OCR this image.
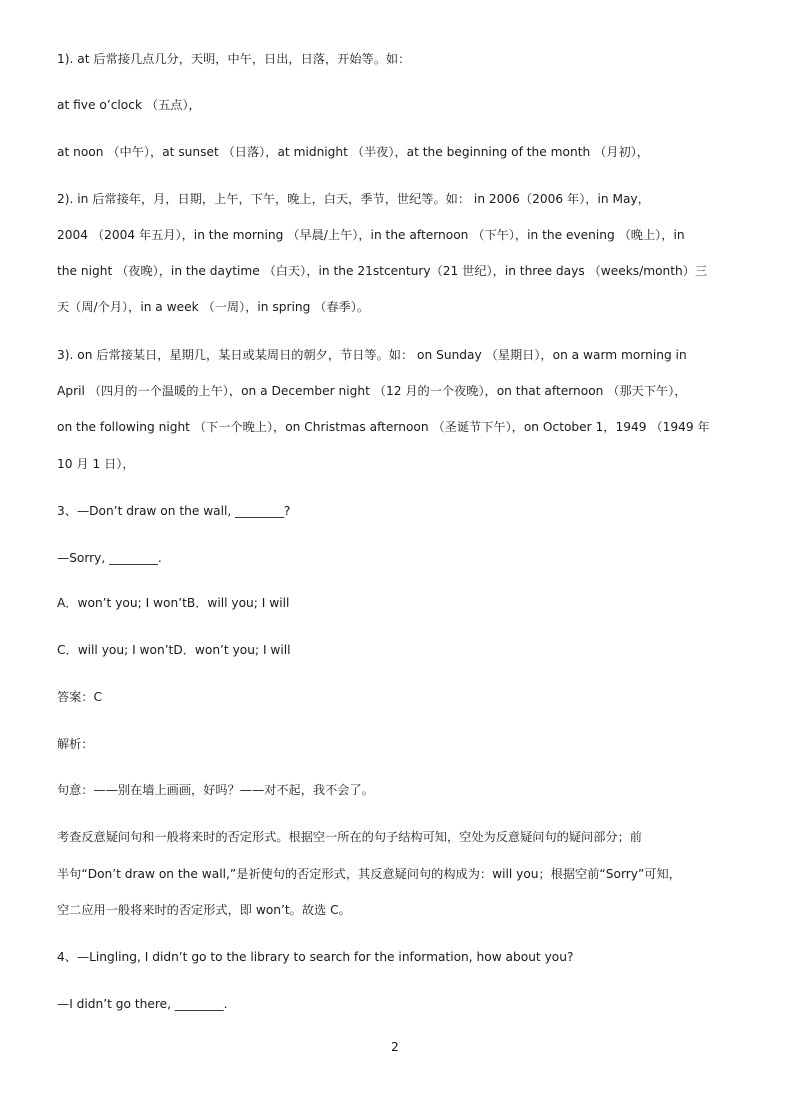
1). at 后常接几点几分，天明，中午，日出，日落，开始等。如：
at five o’clock （五点），
at noon （中午），at sunset （日落），at midnight （半夜），at the beginning of the month （月初），
2). in 后常接年，月，日期，上午，下午，晚上，白天，季节，世纪等。如： in 2006（2006 年），in May，
2004 （2004 年五月），in the morning （早晨/上午），in the afternoon （下午），in the evening （晚上），in
the night （夜晚），in the daytime （白天），in the 21stcentury（21 世纪），in three days （weeks/month）三
天（周/个月），in a week （一周），in spring （春季）。
3). on 后常接某日，星期几，某日或某周日的朝夕，节日等。如： on Sunday （星期日），on a warm morning in
April （四月的一个温暖的上午），on a December night （12 月的一个夜晚），on that afternoon （那天下午），
on the following night （下一个晚上），on Christmas afternoon （圣诞节下午），on October 1，1949 （1949 年
10 月 1 日），
3、—Don’t draw on the wall, ________?
—Sorry, ________.
A．won’t you; I won’tB．will you; I will
C．will you; I won’tD．won’t you; I will
答案：C
解析：
句意：——别在墙上画画，好吗？——对不起，我不会了。
考查反意疑问句和一般将来时的否定形式。根据空一所在的句子结构可知，空处为反意疑问句的疑问部分；前
半句“Don’t draw on the wall,”是祈使句的否定形式，其反意疑问句的构成为：will you；根据空前“Sorry”可知，
空二应用一般将来时的否定形式，即 won’t。故选 C。
4、—Lingling, I didn’t go to the library to search for the information, how about you?
—I didn’t go there, ________.
2
